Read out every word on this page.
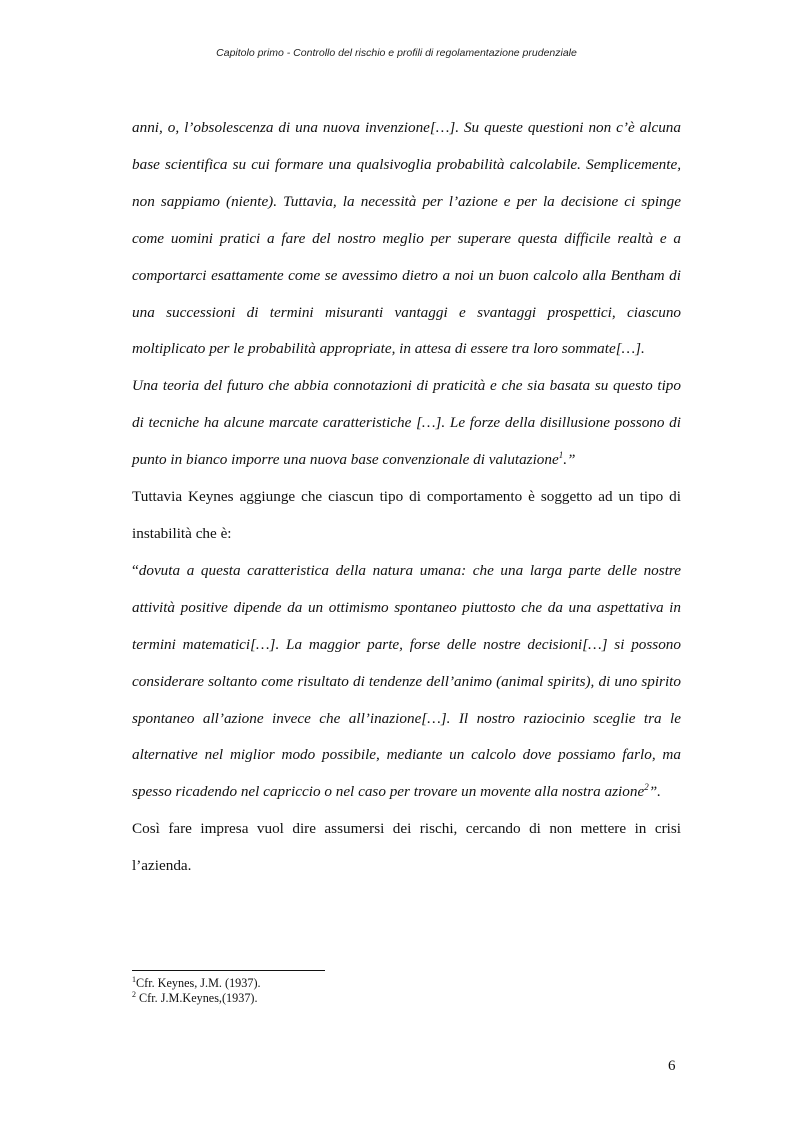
Capitolo primo - Controllo del rischio e profili di regolamentazione prudenziale

anni, o, l’obsolescenza di una nuova invenzione[…]. Su queste questioni non c’è alcuna base scientifica su cui formare una qualsivoglia probabilità calcolabile. Semplicemente, non sappiamo (niente). Tuttavia, la necessità per l’azione e per la decisione ci spinge come uomini pratici a fare del nostro meglio per superare questa difficile realtà e a comportarci esattamente come se avessimo dietro a noi un buon calcolo alla Bentham di una successioni di termini misuranti vantaggi e svantaggi prospettici, ciascuno moltiplicato per le probabilità appropriate, in attesa di essere tra loro sommate[…].

Una teoria del futuro che abbia connotazioni di praticità e che sia basata su questo tipo di tecniche ha alcune marcate caratteristiche […]. Le forze della disillusione possono di punto in bianco imporre una nuova base convenzionale di valutazione$^1$.”

Tuttavia Keynes aggiunge che ciascun tipo di comportamento è soggetto ad un tipo di instabilità che è:

“dovuta a questa caratteristica della natura umana: che una larga parte delle nostre attività positive dipende da un ottimismo spontaneo piuttosto che da una aspettativa in termini matematici[…]. La maggior parte, forse delle nostre decisioni[…] si possono considerare soltanto come risultato di tendenze dell’animo (animal spirits), di uno spirito spontaneo all’azione invece che all’inazione[…]. Il nostro raziocinio sceglie tra le alternative nel miglior modo possibile, mediante un calcolo dove possiamo farlo, ma spesso ricadendo nel capriccio o nel caso per trovare un movente alla nostra azione$^2$”.

Così fare impresa vuol dire assumersi dei rischi, cercando di non mettere in crisi l’azienda.

$^1$Cfr. Keynes, J.M. (1937).
$^2$ Cfr. J.M.Keynes,(1937).
6
